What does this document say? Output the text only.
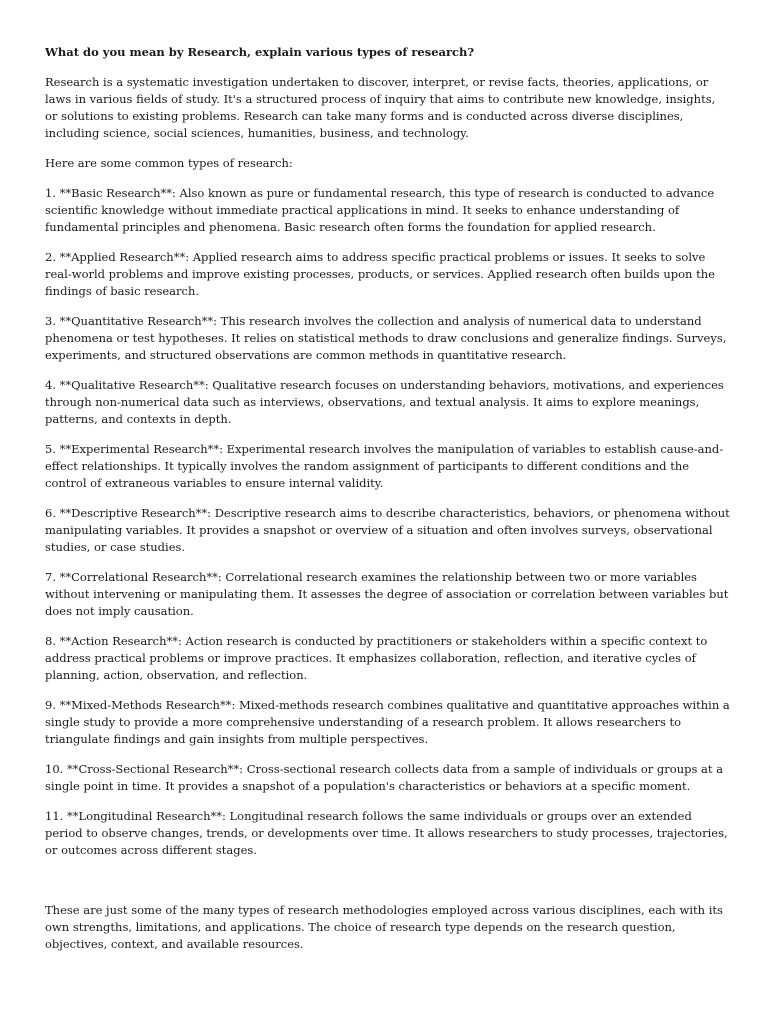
What do you mean by Research, explain various types of research?

Research is a systematic investigation undertaken to discover, interpret, or revise facts, theories, applications, or laws in various fields of study. It's a structured process of inquiry that aims to contribute new knowledge, insights, or solutions to existing problems. Research can take many forms and is conducted across diverse disciplines, including science, social sciences, humanities, business, and technology.

Here are some common types of research:

1. **Basic Research**: Also known as pure or fundamental research, this type of research is conducted to advance scientific knowledge without immediate practical applications in mind. It seeks to enhance understanding of fundamental principles and phenomena. Basic research often forms the foundation for applied research.

2. **Applied Research**: Applied research aims to address specific practical problems or issues. It seeks to solve real-world problems and improve existing processes, products, or services. Applied research often builds upon the findings of basic research.

3. **Quantitative Research**: This research involves the collection and analysis of numerical data to understand phenomena or test hypotheses. It relies on statistical methods to draw conclusions and generalize findings. Surveys, experiments, and structured observations are common methods in quantitative research.

4. **Qualitative Research**: Qualitative research focuses on understanding behaviors, motivations, and experiences through non-numerical data such as interviews, observations, and textual analysis. It aims to explore meanings, patterns, and contexts in depth.

5. **Experimental Research**: Experimental research involves the manipulation of variables to establish cause-and-effect relationships. It typically involves the random assignment of participants to different conditions and the control of extraneous variables to ensure internal validity.

6. **Descriptive Research**: Descriptive research aims to describe characteristics, behaviors, or phenomena without manipulating variables. It provides a snapshot or overview of a situation and often involves surveys, observational studies, or case studies.

7. **Correlational Research**: Correlational research examines the relationship between two or more variables without intervening or manipulating them. It assesses the degree of association or correlation between variables but does not imply causation.

8. **Action Research**: Action research is conducted by practitioners or stakeholders within a specific context to address practical problems or improve practices. It emphasizes collaboration, reflection, and iterative cycles of planning, action, observation, and reflection.

9. **Mixed-Methods Research**: Mixed-methods research combines qualitative and quantitative approaches within a single study to provide a more comprehensive understanding of a research problem. It allows researchers to triangulate findings and gain insights from multiple perspectives.

10. **Cross-Sectional Research**: Cross-sectional research collects data from a sample of individuals or groups at a single point in time. It provides a snapshot of a population's characteristics or behaviors at a specific moment.

11. **Longitudinal Research**: Longitudinal research follows the same individuals or groups over an extended period to observe changes, trends, or developments over time. It allows researchers to study processes, trajectories, or outcomes across different stages.

These are just some of the many types of research methodologies employed across various disciplines, each with its own strengths, limitations, and applications. The choice of research type depends on the research question, objectives, context, and available resources.
